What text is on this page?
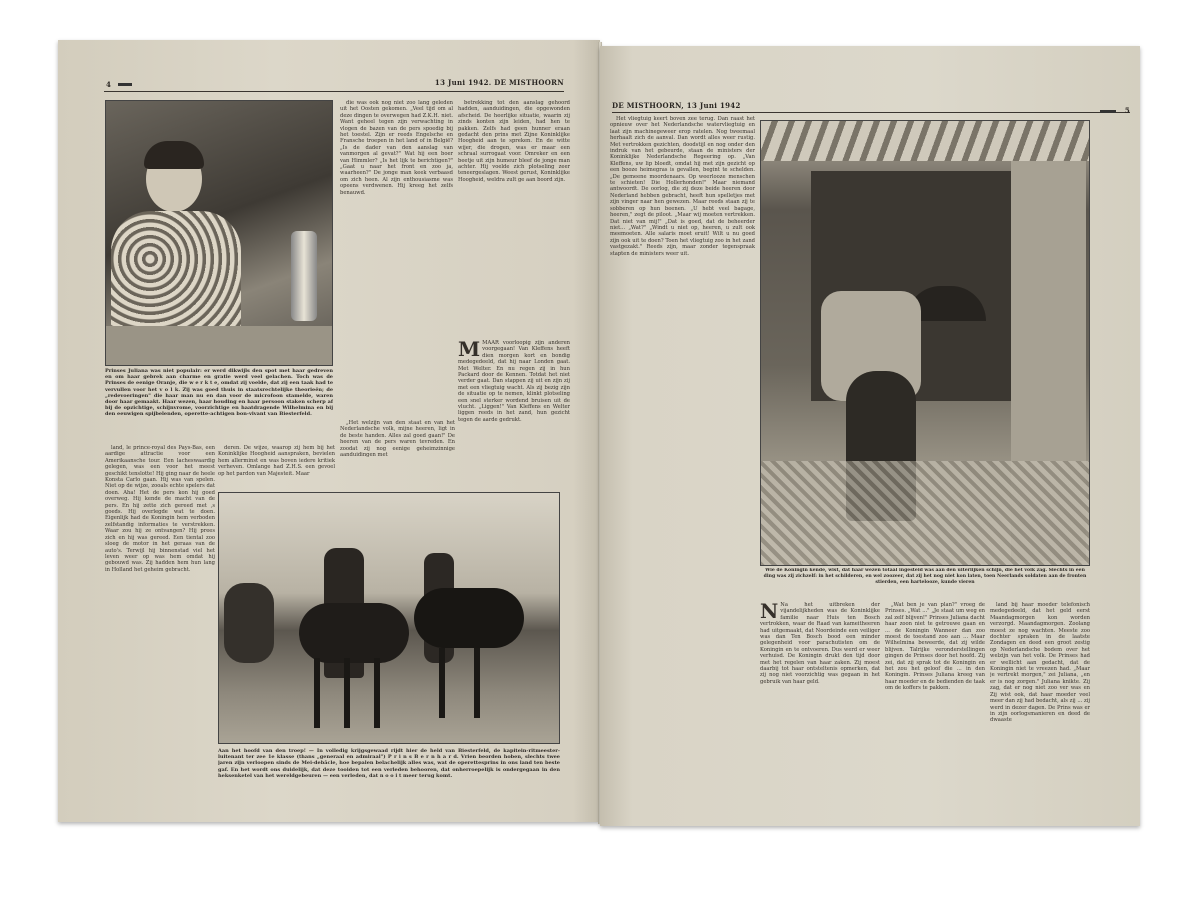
4	13 Juni 1942. DE MISTHOORN
Prinses Juliana was niet populair: er werd dikwijls den spot met haar gedreven en om haar gebrek aan charme en gratie werd veel gelachen. Toch was de Prinses de eenige Oranje, die w e r k t e, omdat zij voelde, dat zij een taak had te vervullen voor het v o l k. Zij was goed thuis in staatsrechtelijke theorieën; de „redevoeringen" die haar man nu en dan voor de microfoon stamelde, waren door haar gemaakt. Haar wezen, haar houding en haar persoon staken scherp af bij de opzichtige, schijnvrome, voorzichtige en haatdragende Wilhelmina en bij den eeuwigen spijbelenden, operette-achtigen bon-vivant van Biesterfeld.

die was ook nog niet zoo lang geleden uit het Oosten gekomen. „Veel tijd om al deze dingen te overwegen had Z.K.H. niet. Want geheel tegen zijn verwachting in vlogen de bazen van de pers spoedig bij het toestel. Zijn er reeds Engelsche en Fransche troepen in het land of in België? „Is de dader van den aanslag van vanmorgen al gevat?" Wat hij een boer van Himmler? „Is het lijk te berichtigen?" „Gaat u naar het front en zoo ja, waarheen?" De jonge man keek verbaasd om zich heen. Al zijn enthousiasme was opeens verdwenen. Hij kreeg het zelfs benauwd.

betrekking tot den aanslag gehoord hadden, aanduidingen, die opgewonden afscheid. De heerlijke situatie, waarin zij zinds konten zijn leiden, had hen te pakken. Zelfs had geen hunner eraan gedacht den prins met Zijne Koninklijke Hoogheid aan te spreken. En de witte wijer, die drogen, was er maar een schraal surrogaat voor. Omreker en een beetje uit zijn humeur bleef de jonge man achter. Hij voelde zich plotseling zeer teneergeslagen. Weest gerust, Koninklijke Hoogheid, weldra zult ge aan boord zijn.

MMAAR voorloopig zijn anderen voorgegaan! Van Kleffens heeft dien morgen kort en bondig medegedeeld, dat hij naar Londen gaat. Met Welter. En nu regen zij in hun Packard door de Kennen. Totdat het niet verder gaat. Dan stappen zij uit en zijn zij met een vliegtuig wacht. Als zij bezig zijn de situatie op te nemen, klinkt plotseling een snel sterker wordend bruisen uit de vlucht. „Liggen!" Van Kleffens en Welter liggen reeds in het zand, hun gezicht tegen de aarde gedrukt.

land, le prince-royal des Pays-Bas, een aardige attractie voor een Amerikaansche tour. Een lacheswaardig gelegen, was een voor het meest geschikt tenslotte! Hij ging naar de heele Konsta Carlo gaan. Hij was van spelen. Niet op de wijze, zooals echte spelers dat doen. Aha! Het de pers kon hij goed overweg. Hij kende de macht van de pers. En hij zette zich gereed met ‚s goeds. Hij overlegde wat te doen. Eigenlijk had de Koningin hem verboden zelfstandig informaties te verstrekken. Waar zou hij ze ontvangen? Hij prees zich en hij was gereed. Een tiental zoo sloeg de motor in het geraas van de auto's. Terwijl hij binnenstad viel het leven weer op was hem omdat hij gebouwd was. Zij hadden hem hun lang in Holland het geheim gebracht.

deren. De wijze, waarop zij hem bij het Koninklijke Hoogheid aanspraken, bevielen hem allerminst en was boven iedere kritiek verheven. Omlange had Z.H.S. een gevoel op het pardon van Majesteit. Maar

„Het welzijn van den staat en van het Nederlandsche volk, mijne heeren, ligt in de beste handen. Alles zal goed gaan!" De heeren van de pers waren tevreden. En zoodat zij nog eenige geheimzinnige aanduidingen met

Aan het hoofd van den troep! — In volledig krijgsgewaad rijdt hier de held van Biesterfeld, de kapitein-ritmeester-luitenant ter zee 1e klasse (thans „generaal en admiraal") P r i n s B e r n h a r d. Vrien beorden hoben, slechts twee jaren zijn verloopen sinds de Mei-debâcle, hoe bepalen belachelijk alles was, wat de operettesprins in ons land ten beste gaf. En het wordt ons duidelijk, dat deze tooiden tot een verleden behooren, dat onherroepelijk is ondergegaan in den heksenketel van het wereldgebeuren — een verleden, dat n o o i t meer terug komt.
DE MISTHOORN, 13 Juni 1942
5

Het vliegtuig keert boven zee terug. Dan raast het opnieuw over het Nederlandsche watervliegtuig en laat zijn machinegeweer erop ratelen. Nog tweemaal herhaalt zich de aanval. Dan wordt alles weer rustig. Met vertrokken gezichten, doodstijl en nog onder den indruk van het gebeurde, staan de ministers der Koninklijke Nederlandsche Regeering op. „Van Kleffens, uw lip bloedt, omdat hij met zijn gezicht op een booze heimegras is gevallen, begint te schelden. „De gemeene moordenaars. Op weerlooze menschen te schieten! Die Hollerhonden!" Maar niemand antwoordt. De oorlog, die zij deze beide heeren door Nederland hebben gebracht, heeft hun spelletjes met zijn vinger naar hen gewezen. Maar reeds staan zij te sobberen op hun beenen. „U hebt veel bagage, heeren," zegt de piloot. „Maar wij moeten vertrekken. Dat niet van mij!" „Dat is goed, dat de beheerder niet... „Wat?" „Windt u niet op, heeren, u zult ook meemoeten. Alle salaris moet eruit! Wilt u nu goed zijn ook uit te doen? Toen het vliegtuig zoo in het zand vastgezakt." Reeds zijn, maar zonder tegenspraak stapten de ministers weer uit.

Wie de Koningin kende, wist, dat haar wezen totaal ingesteld was aan den uiterlijken schijn, die het volk zag. Slechts in één ding was zij zichzelf: in het schilderen, en wel zoozeer, dat zij het nog niet kon laten, toen Neerlands soldaten aan de fronten stierden, een hartelooze, kunde vieren
N Na het uitbreken der vijandelijkheden was de Koninklijke familie naar Huis ten Bosch vertrokken, waar de Raad van kameitheeren had uitgemaakt, dat Noordeinde een veiliger was dan Ten Bosch bood een minder gelegenheid voor parachutisten om de Koningin en te ontvoeren. Dus werd er weer verhuisd. De Koningin drukt den tijd door met het regelen van haar zaken. Zij moest daarbij tot haar ontsteltenis opmerken, dat zij nog niet voorzichtig was gegaan in het gebruik van haar geld.

„Wat ben je van plan?" vroeg de Prinses. „Wat ..." „Je staat um weg en zal zelf blijven!" Prinses Juliana dacht haar zoon niet te getrouwe gaan en ... de Koningin Wanneer dan zoo moest de toestand zoo aan ... Maar Wilhelmina beweerde, dat zij wilde blijven. Talrijke veronderstellingen gingen de Prinses door het hoofd. Zij zei, dat zij sprak tot de Koningin en het zou het geloof die ... in den Koningin. Prinses Juliana kreeg van haar moeder en de bedienden de taak om de koffers te pakken.

land bij haar moeder telefonisch medegedeeld, dat het geld eerst Maandagmorgen kon worden verzorgd. Maandagmorgen. Zoolang moest ze nog wachten. Meeste zoo dochter spraken in de laatste Zondagen en deed een groot zestig op Nederlandsche bodem over het welzijn van het volk. De Prinses had er wellicht aan gedacht, dat de Koningin niet te vreezen had. „Maar je vertrekt morgen," zei Juliana, „en er is nog zorgen." Juliana knikte. Zij zag, dat er nog niet zoo ver was en Zij wist ook, dat haar moeder veel meer dan zij had bedacht, als zij ... zij werd in dezer dagen. De Prins was er in zijn oorlogsmanieren en deed de dwaaste
